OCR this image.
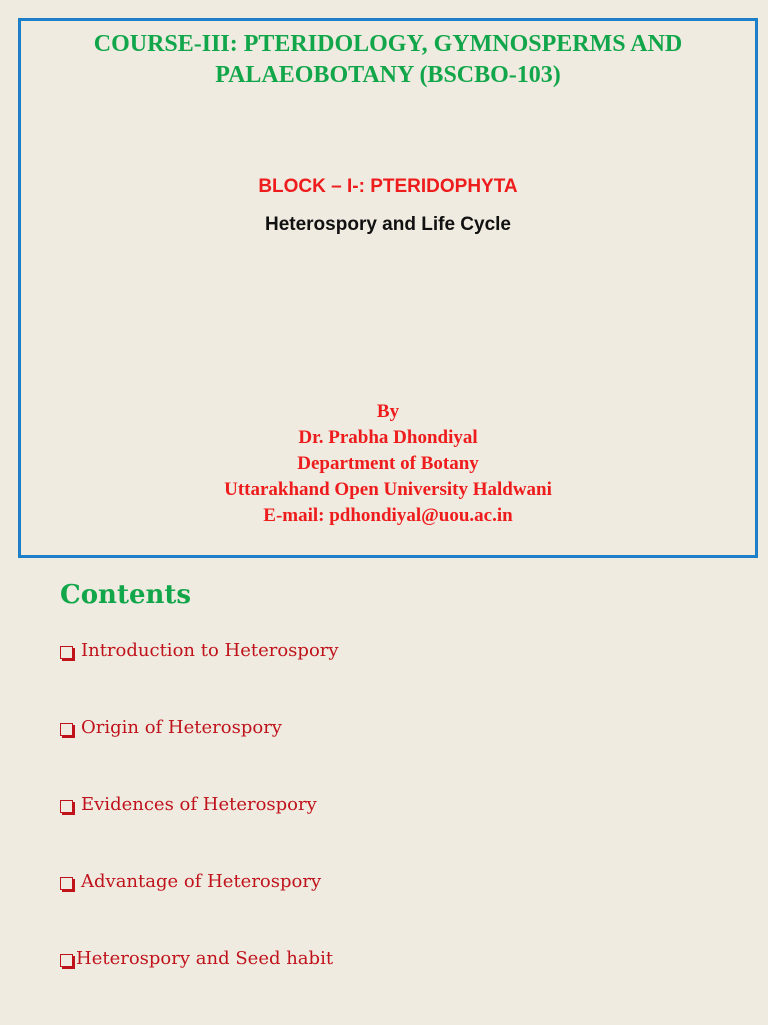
COURSE-III: PTERIDOLOGY, GYMNOSPERMS AND
PALAEOBOTANY (BSCBO-103)
BLOCK – I-: PTERIDOPHYTA
Heterospory and Life Cycle
By
Dr. Prabha Dhondiyal
Department of Botany
Uttarakhand Open University Haldwani
E-mail: pdhondiyal@uou.ac.in
Contents
Introduction to Heterospory
Origin of Heterospory
Evidences of Heterospory
Advantage of Heterospory
Heterospory and Seed habit
